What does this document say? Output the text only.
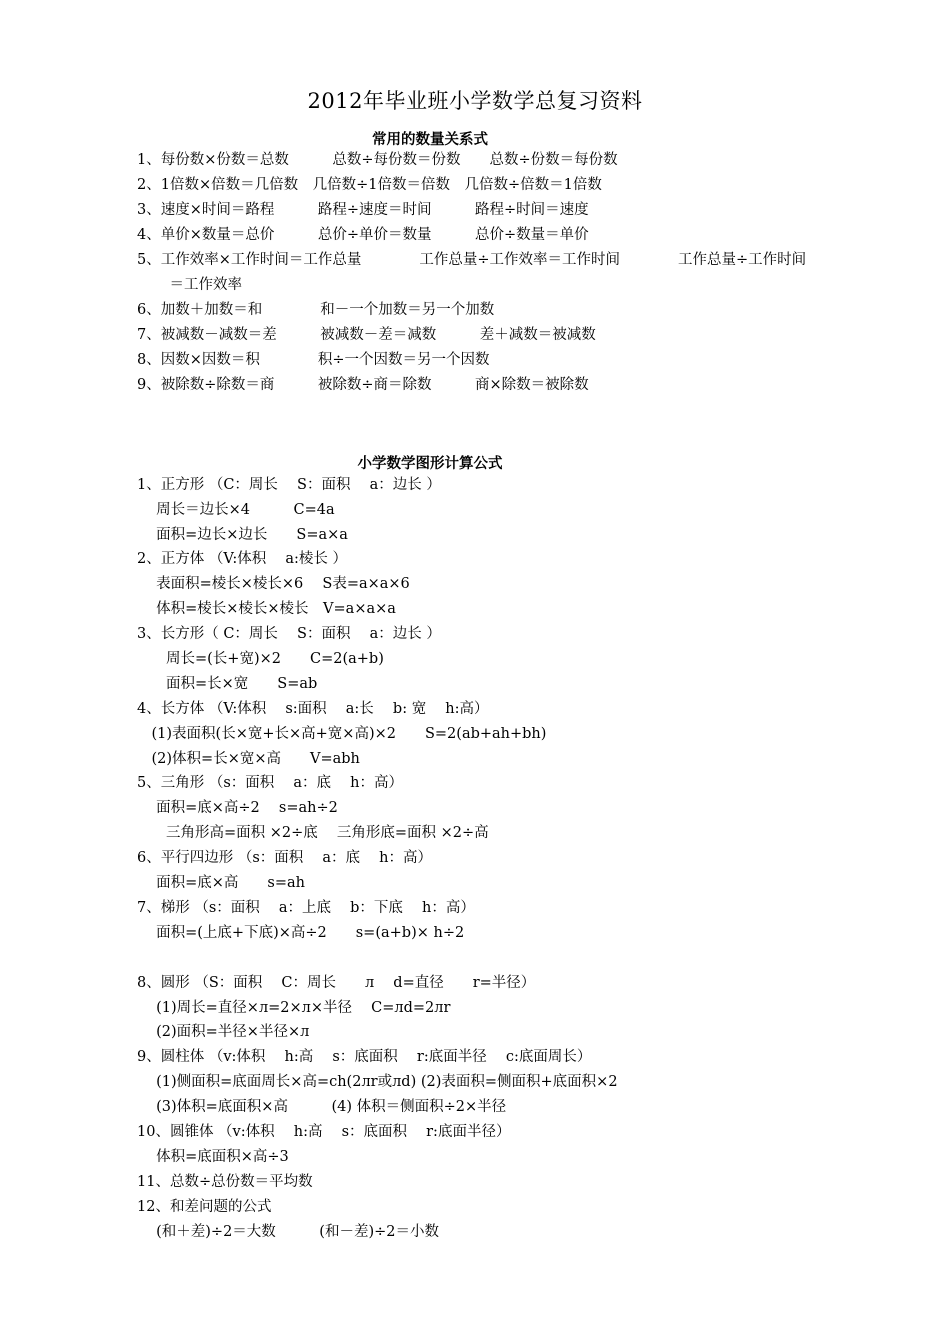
2012年毕业班小学数学总复习资料
常用的数量关系式
1、每份数×份数＝总数　　　总数÷每份数＝份数　　总数÷份数＝每份数
2、1倍数×倍数＝几倍数　几倍数÷1倍数＝倍数　几倍数÷倍数＝1倍数
3、速度×时间＝路程　　　路程÷速度＝时间　　　路程÷时间＝速度
4、单价×数量＝总价　　　总价÷单价＝数量　　　总价÷数量＝单价
5、工作效率×工作时间＝工作总量　　　　工作总量÷工作效率＝工作时间　　　　工作总量÷工作时间
　＝工作效率
6、加数＋加数＝和　　　　和－一个加数＝另一个加数
7、被减数－减数＝差　　　被减数－差＝减数　　　差＋减数＝被减数
8、因数×因数＝积　　　　积÷一个因数＝另一个因数
9、被除数÷除数＝商　　　被除数÷商＝除数　　　商×除数＝被除数
小学数学图形计算公式
1、正方形 （C：周长　 S：面积　 a：边长 ）
　 周长＝边长×4　　　C=4a
　 面积=边长×边长　　S=a×a
2、正方体 （V:体积　 a:棱长 ）
　 表面积=棱长×棱长×6　 S表=a×a×6
　 体积=棱长×棱长×棱长　V=a×a×a
3、长方形（ C：周长　 S：面积　 a：边长 ）
　　周长=(长+宽)×2　　C=2(a+b)
　　面积=长×宽　　S=ab
4、长方体 （V:体积　 s:面积　 a:长　 b: 宽　 h:高）
　(1)表面积(长×宽+长×高+宽×高)×2　　S=2(ab+ah+bh)
　(2)体积=长×宽×高　　V=abh
5、三角形 （s：面积　 a：底　 h：高）
　 面积=底×高÷2　 s=ah÷2
　　三角形高=面积 ×2÷底　 三角形底=面积 ×2÷高
6、平行四边形 （s：面积　 a：底　 h：高）
　 面积=底×高　　s=ah
7、梯形 （s：面积　 a：上底　 b：下底　 h：高）
　 面积=(上底+下底)×高÷2　　s=(a+b)× h÷2
8、圆形 （S：面积　 C：周长　　л　 d=直径　　r=半径）
　 (1)周长=直径×л=2×л×半径　 C=лd=2лr
　 (2)面积=半径×半径×л
9、圆柱体 （v:体积　 h:高　 s：底面积　 r:底面半径　 c:底面周长）
　 (1)侧面积=底面周长×高=ch(2лr或лd) (2)表面积=侧面积+底面积×2
　 (3)体积=底面积×高　　　(4) 体积＝侧面积÷2×半径
10、圆锥体 （v:体积　 h:高　 s：底面积　 r:底面半径）
　 体积=底面积×高÷3
11、总数÷总份数＝平均数
12、和差问题的公式
　 (和＋差)÷2＝大数　　　(和－差)÷2＝小数
